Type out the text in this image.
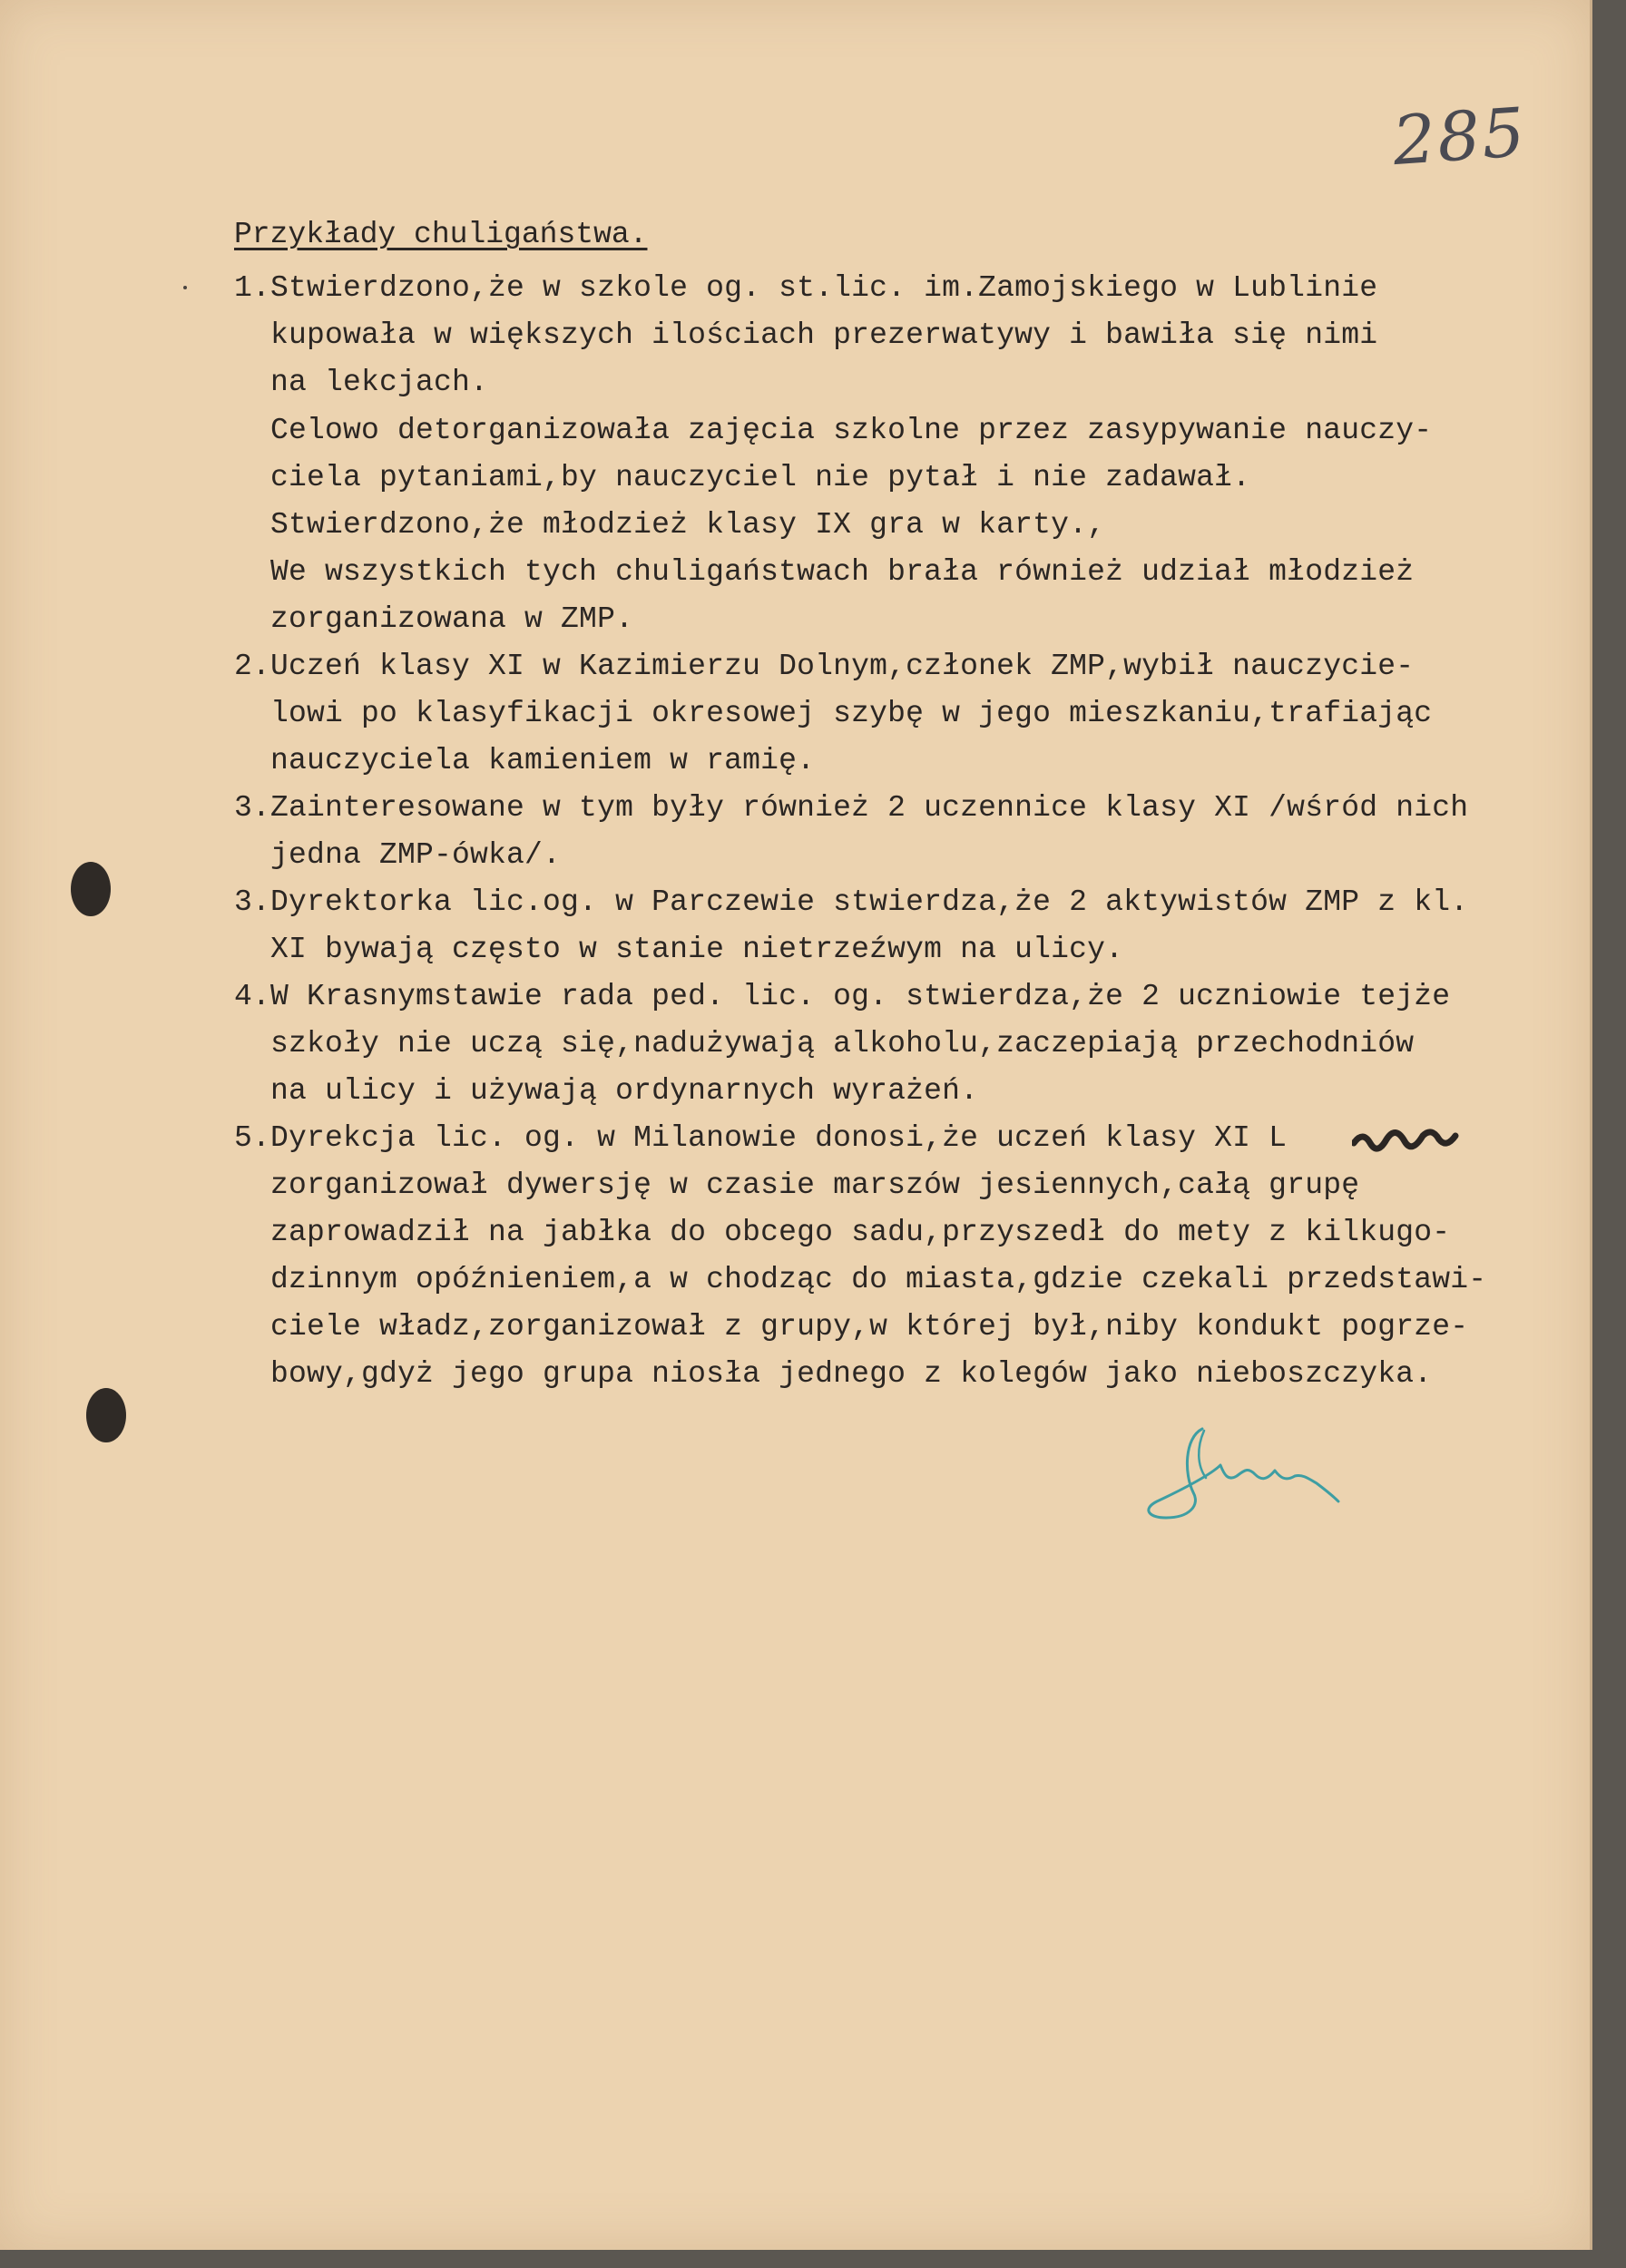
285
Przykłady chuligaństwa.
1.Stwierdzono,że w szkole og. st.lic. im.Zamojskiego w Lublinie
kupowała w większych ilościach prezerwatywy i bawiła się nimi
na lekcjach.
Celowo detorganizowała zajęcia szkolne przez zasypywanie nauczy-
ciela pytaniami,by nauczyciel nie pytał i nie zadawał.
Stwierdzono,że młodzież klasy IX gra w karty.,
We wszystkich tych chuligaństwach brała również udział młodzież
zorganizowana w ZMP.
2.Uczeń klasy XI w Kazimierzu Dolnym,członek ZMP,wybił nauczycie-
lowi po klasyfikacji okresowej szybę w jego mieszkaniu,trafiając
nauczyciela kamieniem w ramię.
3.Zainteresowane w tym były również 2 uczennice klasy XI /wśród nich
jedna ZMP-ówka/.
3.Dyrektorka lic.og. w Parczewie stwierdza,że 2 aktywistów ZMP z kl.
XI bywają często w stanie nietrzeźwym na ulicy.
4.W Krasnymstawie rada ped. lic. og. stwierdza,że 2 uczniowie tejże
szkoły nie uczą się,nadużywają alkoholu,zaczepiają przechodniów
na ulicy i używają ordynarnych wyrażeń.
5.Dyrekcja lic. og. w Milanowie donosi,że uczeń klasy XI L
zorganizował dywersję w czasie marszów jesiennych,całą grupę
zaprowadził na jabłka do obcego sadu,przyszedł do mety z kilkugo-
dzinnym opóźnieniem,a w chodząc do miasta,gdzie czekali przedstawi-
ciele władz,zorganizował z grupy,w której był,niby kondukt pogrze-
bowy,gdyż jego grupa niosła jednego z kolegów jako nieboszczyka.
